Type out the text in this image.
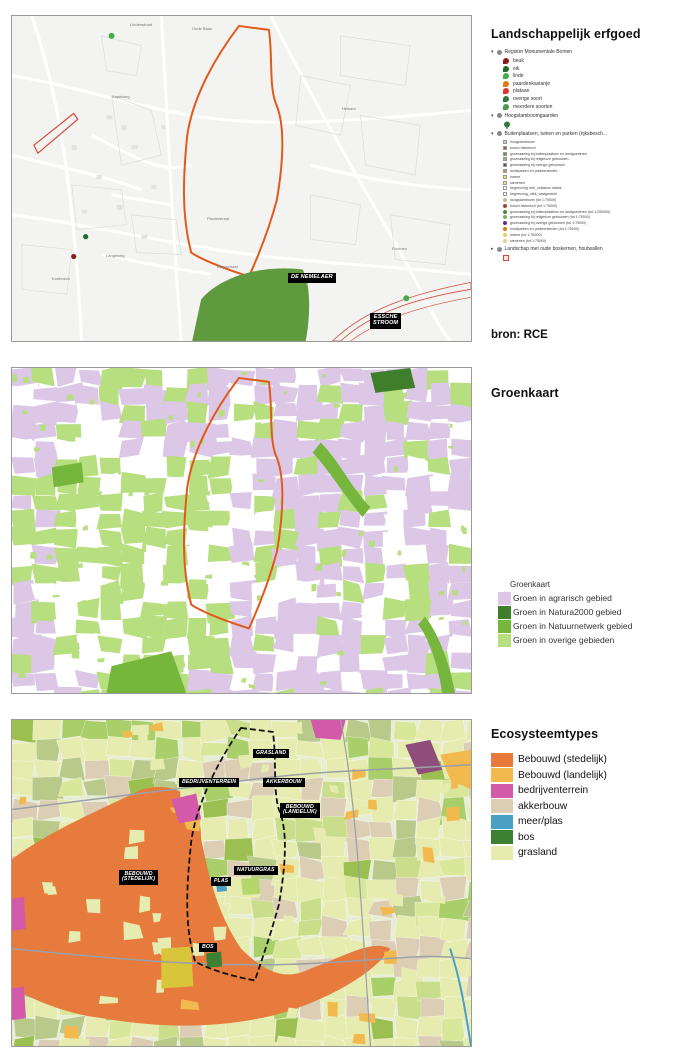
Lindenstraat
Kapelweg
Langeweg
Plaxierstraat
Oude Baan
Dorpsstraat
Rootven
Heikant
Koebosch	DE NEMELAER
ESSCHE
STROOM
Landschappelijk erfgoed
▾ Register Monumentale Bomen
beuk
eik
linde
paardenkastanje
plataan
overige soort
meerdere soorten
▾ Hoogstamboomgaarden
▾ Buitenplaatsen, tuinen en parken (rijksbesch...
hoogstamboom
bosch historisch
groenaanleg bij buitenplaatsen en landgoederen
groenaanleg bij religieuze gebouwen
groenaanleg bij overige gebouwen
multiparken en parkeersteden
marne
stenenen
begrenzing rmb_volkstuin status
begrenzing_rdkk_vastgesteld
hoogstamboom (tot 1:75000)
bosch historisch (tot 1:75000)
groenaanleg bij buitenplaatsen en landgoederen (tot 1:250000)
groenaanleg bij religieuze gebouwen (tot 1:75000)
groenaanleg bij overige gebouwen (tot 1:75000)
multiparken en parkeersteden (tot 1:75000)
marne (tot 1:75000)
stenenen (tot 1:75000)
▸ Landschap met oude boskernen, houtwallen
bron: RCE
Groenkaart
Groenkaart
Groen in agrarisch gebied
Groen in Natura2000 gebied
Groen in Natuurnetwerk gebied
Groen in overige gebieden
GRASLAND
BEDRIJVENTERREIN	AKKERBOUW
BEBOUWD
(LANDELIJK)
BEBOUWD
(STEDELIJK)
NATUURGRAS
PLAS
BOS
Ecosysteemtypes
Bebouwd (stedelijk)
Bebouwd (landelijk)
bedrijventerrein
akkerbouw
meer/plas
bos
grasland
